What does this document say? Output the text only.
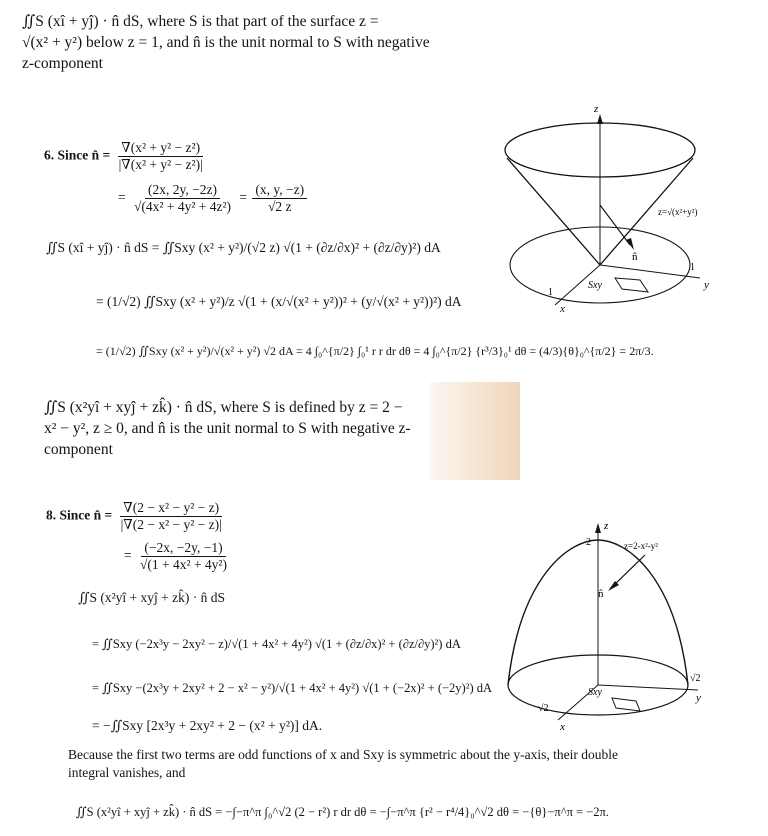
∬S (xî + yĵ) · n̂ dS, where S is that part of the surface z =
√(x² + y²) below z = 1, and n̂ is the unit normal to S with negative
z-component
6. Since n̂ = $\frac{\text{∇(x² + y² − z²)}}{\text{|∇(x² + y² − z²)|}}$
= $\frac{(2x, 2y, -2z)}{\text{√(4x² + 4y² + 4z²)}} = \frac{(x, y, -z)}{√2 z}$
∬S (xî + yĵ) · n̂ dS = ∬Sxy (x² + y²)/(√2 z) √(1 + (∂z/∂x)² + (∂z/∂y)²) dA
= (1/√2) ∬Sxy (x² + y²)/z √(1 + (x/√(x² + y²))² + (y/√(x² + y²))²) dA
= (1/√2) ∬Sxy (x² + y²)/√(x² + y²) √2 dA = 4 ∫₀^{π/2} ∫₀¹ r r dr dθ = 4 ∫₀^{π/2} {r³/3}₀¹ dθ = (4/3){θ}₀^{π/2} = 2π/3.
z=√(x²+y²)
z
x
y
n̂
Sxy
1
1
∬S (x²yî + xyĵ + zk̂) · n̂ dS, where S is defined by z = 2 −
x² − y², z ≥ 0, and n̂ is the unit normal to S with negative z-
component
8. Since n̂ = $\frac{\text{∇(2 − x² − y² − z)}}{\text{|∇(2 − x² − y² − z)|}}$
= $\frac{(-2x, -2y, -1)}{\text{√(1 + 4x² + 4y²)}}$
∬S (x²yî + xyĵ + zk̂) · n̂ dS
= ∬Sxy (−2x³y − 2xy² − z)/√(1 + 4x² + 4y²) √(1 + (∂z/∂x)² + (∂z/∂y)²) dA
= ∬Sxy −(2x³y + 2xy² + 2 − x² − y²)/√(1 + 4x² + 4y²) √(1 + (−2x)² + (−2y)²) dA
= −∬Sxy [2x³y + 2xy² + 2 − (x² + y²)] dA.
Because the first two terms are odd functions of x and Sxy is symmetric about the y-axis, their double
integral vanishes, and
∬S (x²yî + xyĵ + zk̂) · n̂ dS = −∫−π^π ∫₀^√2 (2 − r²) r dr dθ = −∫−π^π {r² − r⁴/4}₀^√2 dθ = −{θ}−π^π = −2π.
z=2-x²-y²
z
2
n̂
Sxy
x
√2
y
√2
